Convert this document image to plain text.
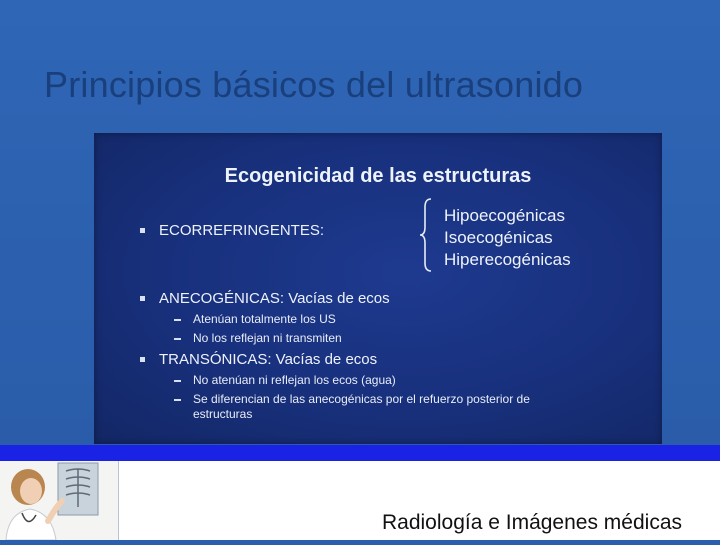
Principios básicos del ultrasonido
Ecogenicidad de las estructuras
ECORREFRINGENTES:
Hipoecogénicas
Isoecogénicas
Hiperecogénicas
ANECOGÉNICAS: Vacías de ecos
Atenúan totalmente los US
No los reflejan ni transmiten
TRANSÓNICAS: Vacías de ecos
No atenúan ni reflejan los ecos (agua)
Se diferencian de las anecogénicas por el refuerzo posterior de
estructuras
Radiología e Imágenes médicas
